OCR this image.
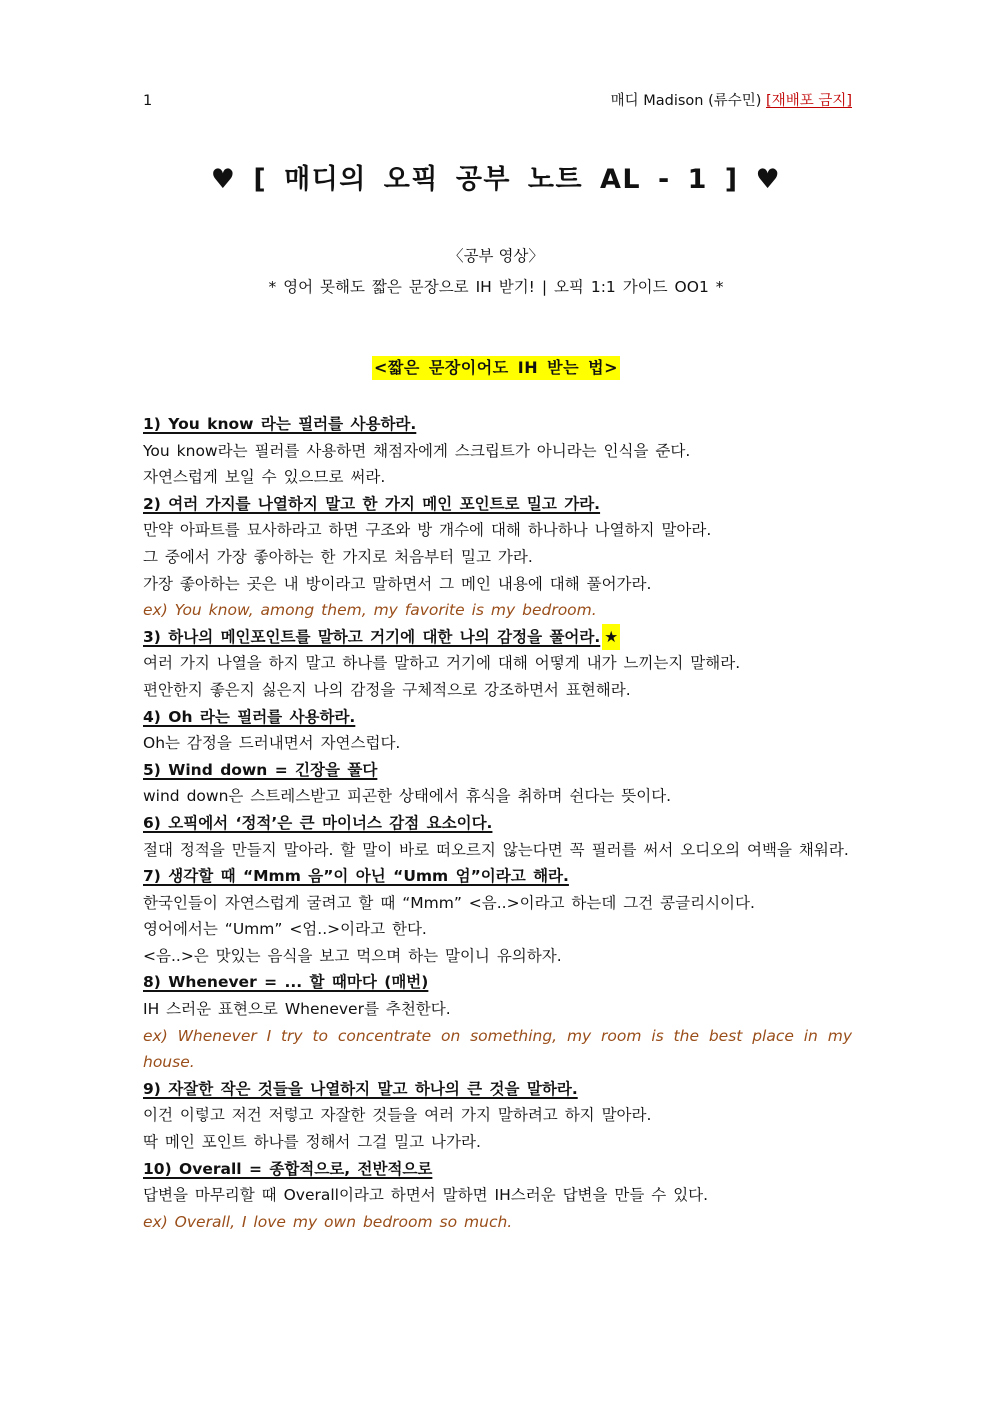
1	매디 Madison (류수민) [재배포 금지]
♥ [ 매디의 오픽 공부 노트 AL - 1 ] ♥
〈공부 영상〉
* 영어 못해도 짧은 문장으로 IH 받기! | 오픽 1:1 가이드 OO1 *
<짧은 문장이어도 IH 받는 법>
1) You know 라는 필러를 사용하라.
You know라는 필러를 사용하면 채점자에게 스크립트가 아니라는 인식을 준다.
자연스럽게 보일 수 있으므로 써라.
2) 여러 가지를 나열하지 말고 한 가지 메인 포인트로 밀고 가라.
만약 아파트를 묘사하라고 하면 구조와 방 개수에 대해 하나하나 나열하지 말아라.
그 중에서 가장 좋아하는 한 가지로 처음부터 밀고 가라.
가장 좋아하는 곳은 내 방이라고 말하면서 그 메인 내용에 대해 풀어가라.
ex) You know, among them, my favorite is my bedroom.
3) 하나의 메인포인트를 말하고 거기에 대한 나의 감정을 풀어라. ★
여러 가지 나열을 하지 말고 하나를 말하고 거기에 대해 어떻게 내가 느끼는지 말해라.
편안한지 좋은지 싫은지 나의 감정을 구체적으로 강조하면서 표현해라.
4) Oh 라는 필러를 사용하라.
Oh는 감정을 드러내면서 자연스럽다.
5) Wind down = 긴장을 풀다
wind down은 스트레스받고 피곤한 상태에서 휴식을 취하며 쉰다는 뜻이다.
6) 오픽에서 ‘정적’은 큰 마이너스 감점 요소이다.
절대 정적을 만들지 말아라. 할 말이 바로 떠오르지 않는다면 꼭 필러를 써서 오디오의 여백을 채워라.
7) 생각할 때 “Mmm 음”이 아닌 “Umm 엄”이라고 해라.
한국인들이 자연스럽게 굴려고 할 때 “Mmm” <음..>이라고 하는데 그건 콩글리시이다.
영어에서는 “Umm” <엄..>이라고 한다.
<음..>은 맛있는 음식을 보고 먹으며 하는 말이니 유의하자.
8) Whenever = ... 할 때마다 (매번)
IH 스러운 표현으로 Whenever를 추천한다.
ex) Whenever I try to concentrate on something, my room is the best place in my house.
9) 자잘한 작은 것들을 나열하지 말고 하나의 큰 것을 말하라.
이건 이렇고 저건 저렇고 자잘한 것들을 여러 가지 말하려고 하지 말아라.
딱 메인 포인트 하나를 정해서 그걸 밀고 나가라.
10) Overall = 종합적으로, 전반적으로
답변을 마무리할 때 Overall이라고 하면서 말하면 IH스러운 답변을 만들 수 있다.
ex) Overall, I love my own bedroom so much.
